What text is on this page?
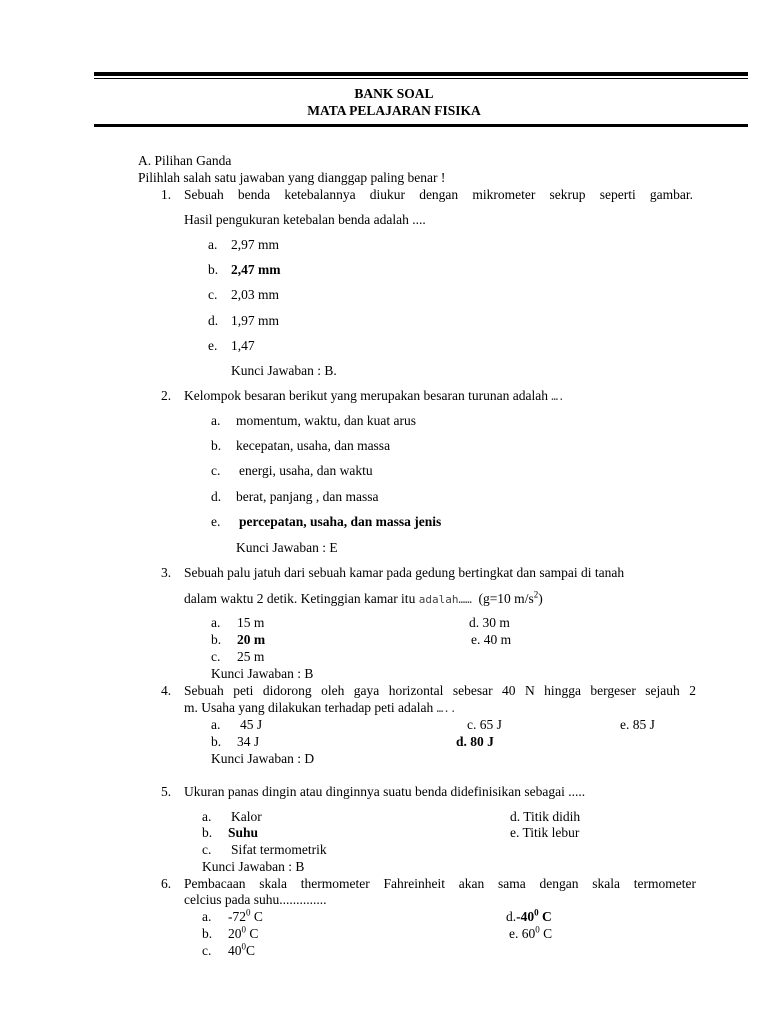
BANK SOAL
MATA PELAJARAN FISIKA
A. Pilihan Ganda
Pilihlah salah satu jawaban yang dianggap paling benar !
1. Sebuah benda ketebalannya diukur dengan mikrometer sekrup seperti gambar.
Hasil pengukuran ketebalan benda adalah ....
a. 2,97 mm
b. 2,47 mm
c. 2,03 mm
d. 1,97 mm
e. 1,47
Kunci Jawaban : B.
2. Kelompok besaran berikut yang merupakan besaran turunan adalah ….
a. momentum, waktu, dan kuat arus
b. kecepatan, usaha, dan massa
c. energi, usaha, dan waktu
d. berat, panjang , dan massa
e. percepatan, usaha, dan massa jenis
Kunci Jawaban : E
3. Sebuah palu jatuh dari sebuah kamar pada gedung bertingkat dan sampai di tanah
dalam waktu 2 detik. Ketinggian kamar itu adalah…… (g=10 $m/s^2$)
a. 15 m	d. 30 m
b. 20 m	e. 40 m
c. 25 m
Kunci Jawaban : B
4. Sebuah peti didorong oleh gaya horizontal sebesar 40 N hingga bergeser sejauh 2
m. Usaha yang dilakukan terhadap peti adalah …..
a. 45 J	c. 65 J	e. 85 J
b. 34 J	d. 80 J
Kunci Jawaban : D
5. Ukuran panas dingin atau dinginnya suatu benda didefinisikan sebagai .....
a. Kalor	d. Titik didih
b. Suhu	e. Titik lebur
c. Sifat termometrik
Kunci Jawaban : B
6. Pembacaan skala thermometer Fahreinheit akan sama dengan skala termometer
celcius pada suhu..............
a. $-72^0$ C	$d.-40^0$ C
b. $20^0$ C	e. $60^0$ C
c. $40^0C$
